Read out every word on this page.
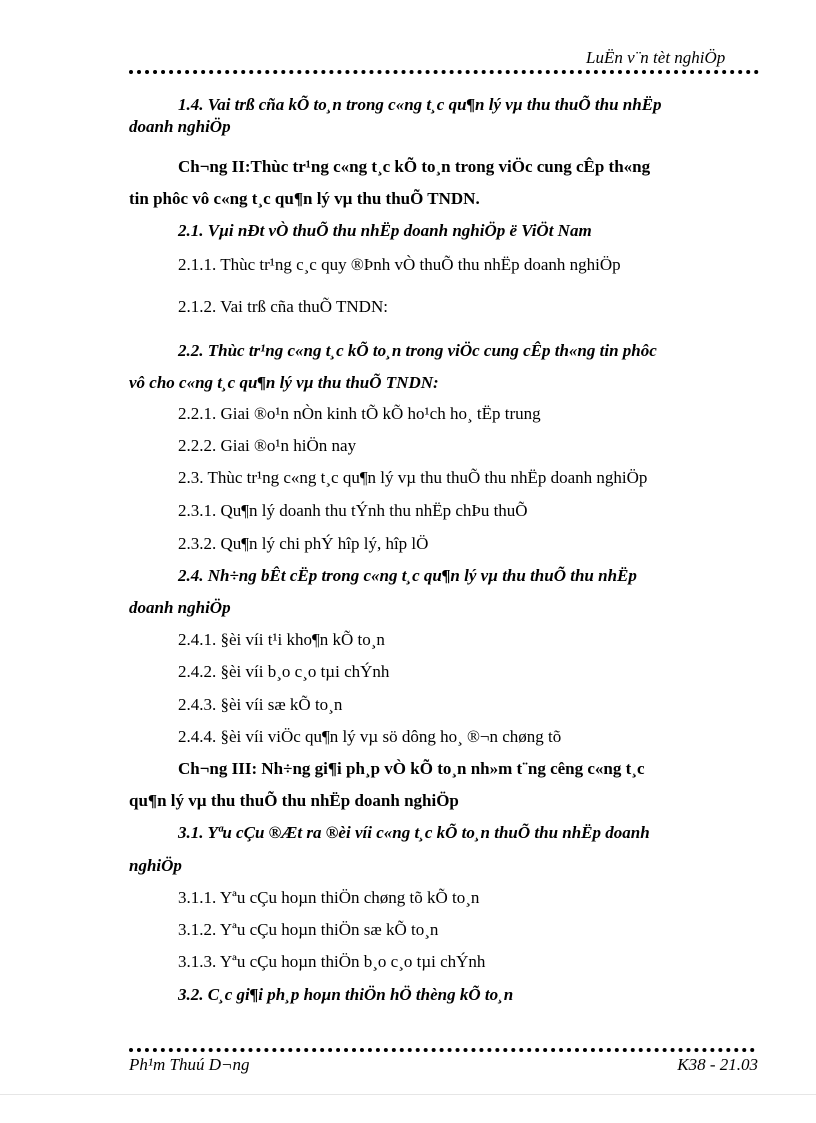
LuËn v¨n tèt nghiÖp
1.4. Vai trß cña kÕ to¸n trong c«ng t¸c qu¶n lý vµ thu thuÕ thu nhËp
doanh nghiÖp
Ch¬ng II:Thùc tr¹ng c«ng t¸c kÕ to¸n trong viÖc cung cÊp th«ng
tin phôc vô c«ng t¸c qu¶n lý vµ thu thuÕ TNDN.
2.1. Vµi nÐt vÒ thuÕ thu nhËp doanh nghiÖp ë ViÖt Nam
2.1.1. Thùc tr¹ng c¸c quy ®Þnh vÒ thuÕ thu nhËp doanh nghiÖp
2.1.2. Vai trß cña thuÕ TNDN:
2.2. Thùc tr¹ng c«ng t¸c kÕ to¸n trong viÖc cung cÊp th«ng tin phôc
vô cho c«ng t¸c qu¶n lý vµ thu thuÕ TNDN:
2.2.1. Giai ®o¹n nÒn kinh tÕ kÕ ho¹ch ho¸ tËp trung
2.2.2. Giai ®o¹n hiÖn nay
2.3. Thùc tr¹ng c«ng t¸c qu¶n lý vµ thu thuÕ thu nhËp doanh nghiÖp
2.3.1. Qu¶n lý doanh thu tÝnh thu nhËp chÞu thuÕ
2.3.2. Qu¶n lý chi phÝ hîp lý, hîp lÖ
2.4. Nh÷ng bÊt cËp trong c«ng t¸c qu¶n lý vµ thu thuÕ thu nhËp
doanh nghiÖp
2.4.1. §èi víi t¹i kho¶n kÕ to¸n
2.4.2. §èi víi b¸o c¸o tµi chÝnh
2.4.3. §èi víi sæ kÕ to¸n
2.4.4. §èi víi viÖc qu¶n lý vµ sö dông ho¸ ®¬n chøng tõ
Ch¬ng III: Nh÷ng gi¶i ph¸p vÒ kÕ to¸n nh»m t¨ng cêng c«ng t¸c
qu¶n lý vµ thu thuÕ thu nhËp doanh nghiÖp
3.1. Yªu cÇu ®Æt ra ®èi víi c«ng t¸c kÕ to¸n thuÕ thu nhËp doanh
nghiÖp
3.1.1. Yªu cÇu hoµn thiÖn chøng tõ kÕ to¸n
3.1.2. Yªu cÇu hoµn thiÖn sæ kÕ to¸n
3.1.3. Yªu cÇu hoµn thiÖn b¸o c¸o tµi chÝnh
3.2. C¸c gi¶i ph¸p hoµn thiÖn hÖ thèng kÕ to¸n
Ph¹m Thuú D¬ng	K38 - 21.03
